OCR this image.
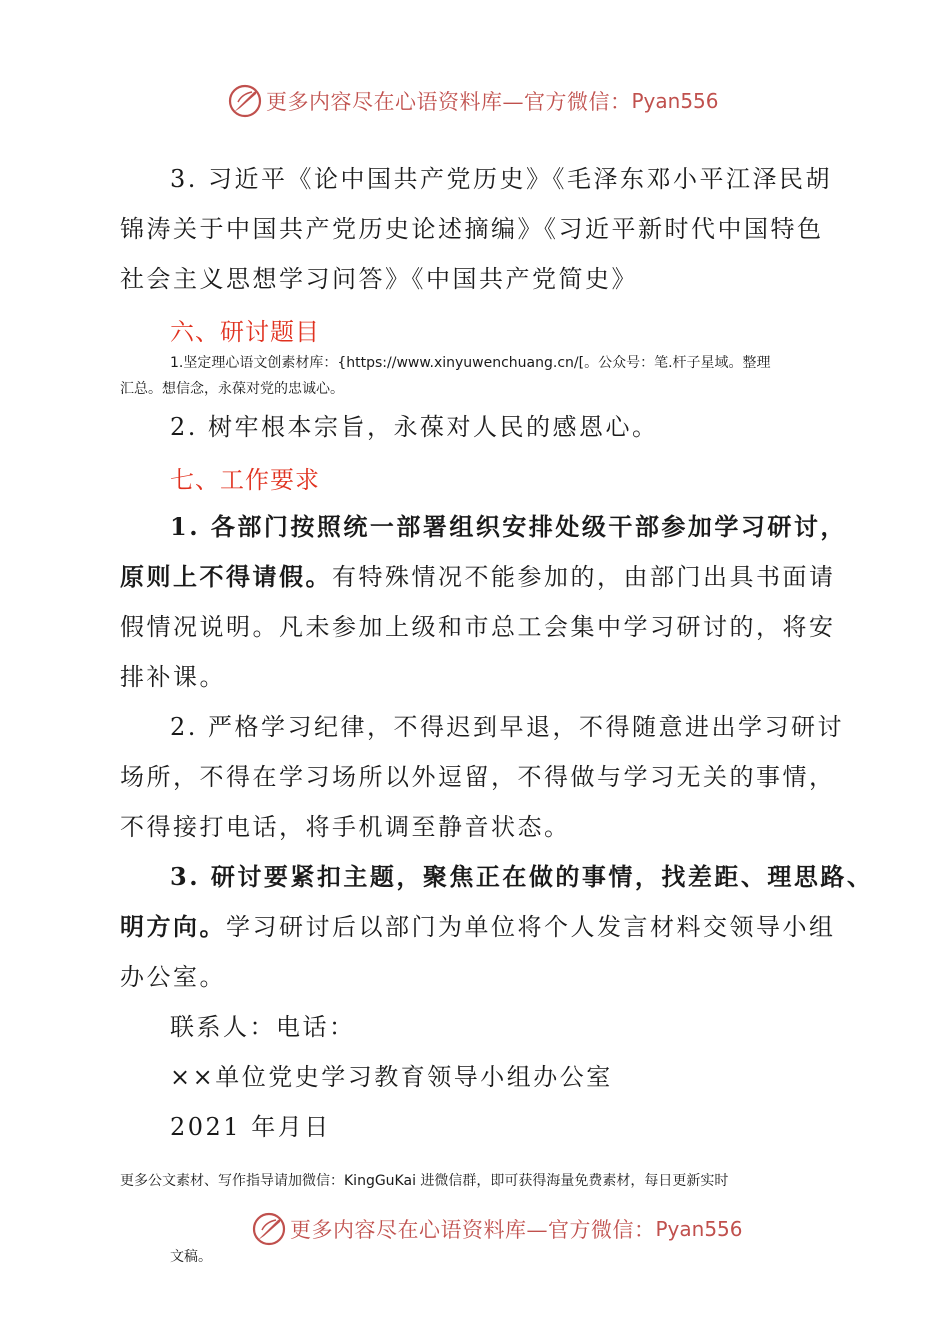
更多内容尽在心语资料库—官方微信： Pyan556
3. 习近平《论中国共产党历史》《毛泽东邓小平江泽民胡
锦涛关于中国共产党历史论述摘编》《习近平新时代中国特色
社会主义思想学习问答》《中国共产党简史》
六、研讨题目
1.坚定理心语文创素材库：{https://www.xinyuwenchuang.cn/[。公众号：笔.杆子星域。整理
汇总。想信念，永葆对党的忠诚心。
2. 树牢根本宗旨，永葆对人民的感恩心。
七、工作要求
1. 各部门按照统一部署组织安排处级干部参加学习研讨，
原则上不得请假。有特殊情况不能参加的，由部门出具书面请
假情况说明。凡未参加上级和市总工会集中学习研讨的，将安
排补课。
2. 严格学习纪律，不得迟到早退，不得随意进出学习研讨
场所，不得在学习场所以外逗留，不得做与学习无关的事情，
不得接打电话，将手机调至静音状态。
3. 研讨要紧扣主题，聚焦正在做的事情，找差距、理思路、
明方向。学习研讨后以部门为单位将个人发言材料交领导小组
办公室。
联系人：电话：
××单位党史学习教育领导小组办公室
2021 年月日
更多公文素材、写作指导请加微信：KingGuKai 进微信群，即可获得海量免费素材，每日更新实时
更多内容尽在心语资料库—官方微信： Pyan556
文稿。
